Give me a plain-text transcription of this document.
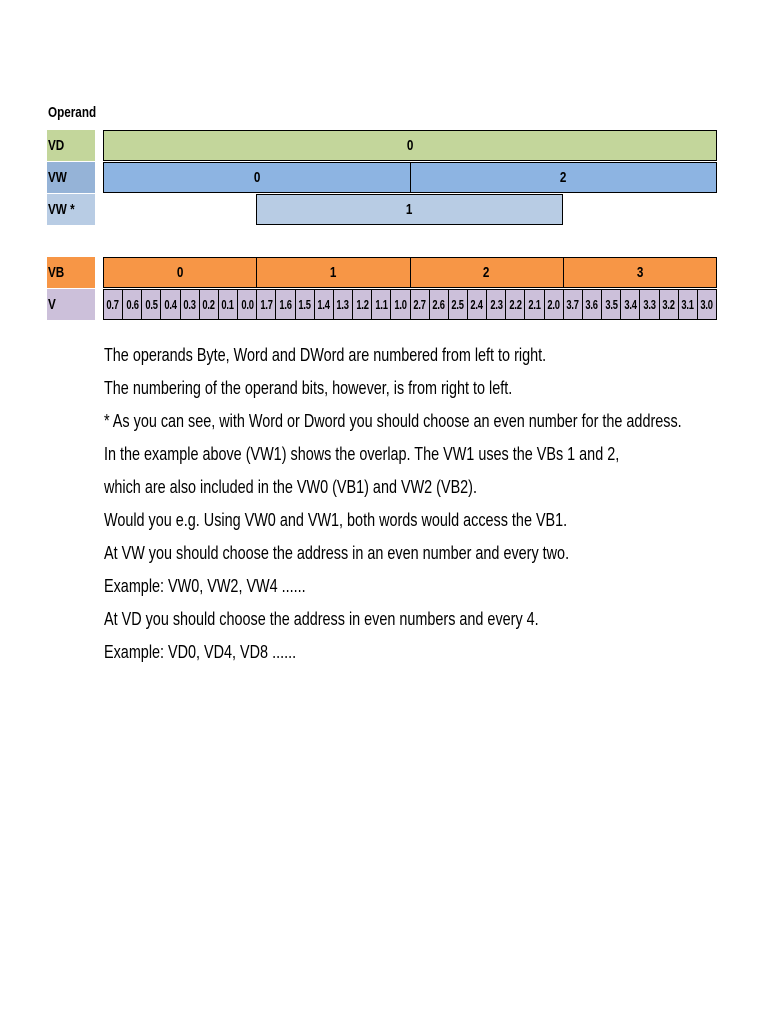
Operand
VD	0
VW	0	2
VW *	1
VB	0	1	2	3
V	0.7 0.6 0.5 0.4 0.3 0.2 0.1 0.0 1.7 1.6 1.5 1.4 1.3 1.2 1.1 1.0 2.7 2.6 2.5 2.4 2.3 2.2 2.1 2.0 3.7 3.6 3.5 3.4 3.3 3.2 3.1 3.0
The operands Byte, Word and DWord are numbered from left to right.
The numbering of the operand bits, however, is from right to left.
* As you can see, with Word or Dword you should choose an even number for the address.
In the example above (VW1) shows the overlap. The VW1 uses the VBs 1 and 2,
which are also included in the VW0 (VB1) and VW2 (VB2).
Would you e.g. Using VW0 and VW1, both words would access the VB1.
At VW you should choose the address in an even number and every two.
Example: VW0, VW2, VW4 ......
At VD you should choose the address in even numbers and every 4.
Example: VD0, VD4, VD8 ......
